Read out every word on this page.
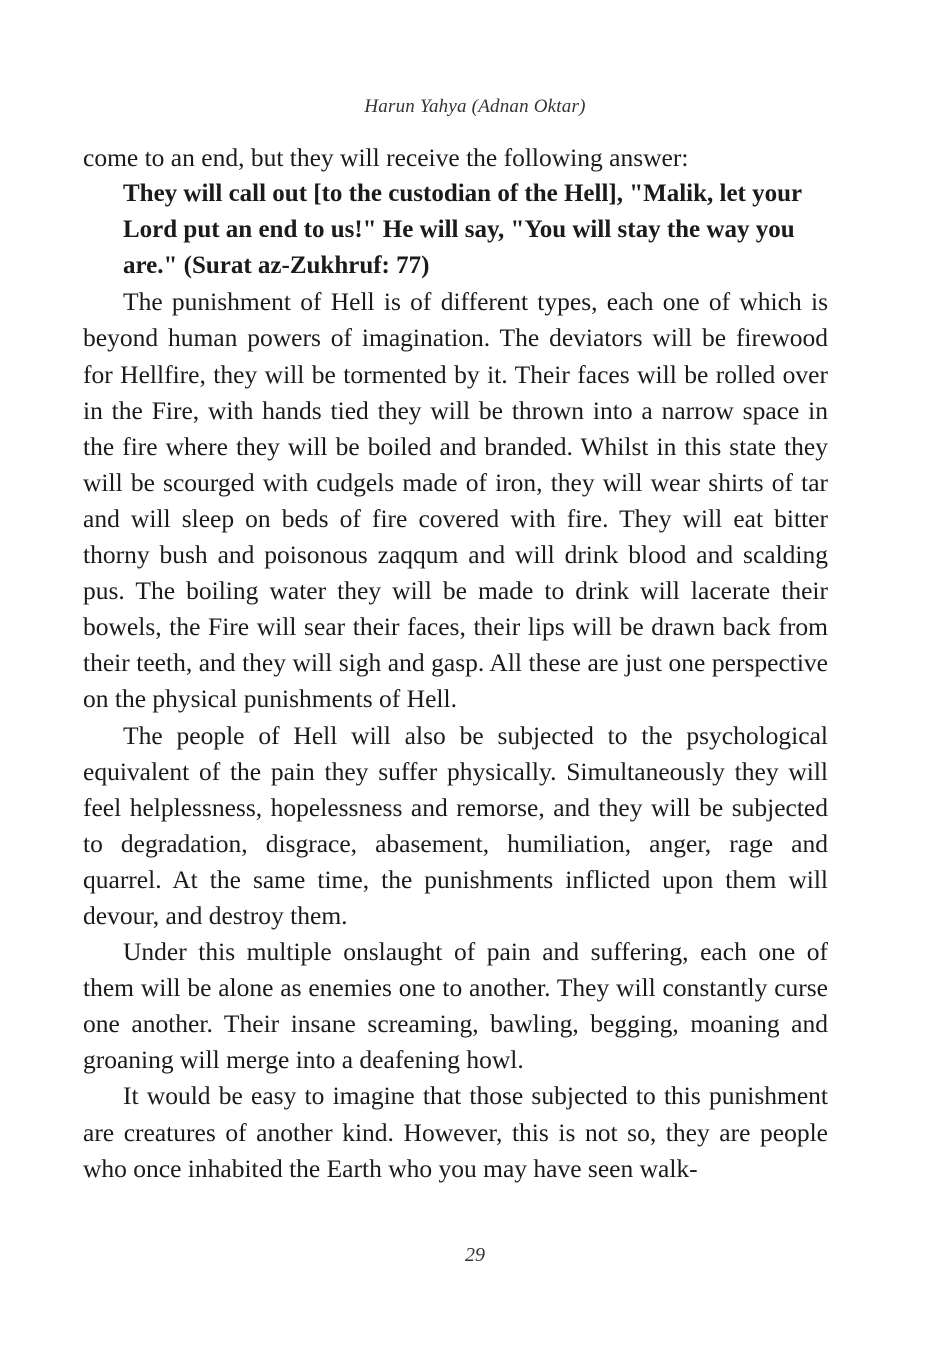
Harun Yahya (Adnan Oktar)

come to an end, but they will receive the following answer:

They will call out [to the custodian of the Hell], "Malik, let your Lord put an end to us!" He will say, "You will stay the way you are." (Surat az-Zukhruf: 77)

The punishment of Hell is of different types, each one of which is beyond human powers of imagination. The deviators will be firewood for Hellfire, they will be tormented by it. Their faces will be rolled over in the Fire, with hands tied they will be thrown into a narrow space in the fire where they will be boiled and branded. Whilst in this state they will be scourged with cudgels made of iron, they will wear shirts of tar and will sleep on beds of fire covered with fire. They will eat bitter thorny bush and poisonous zaqqum and will drink blood and scalding pus. The boiling water they will be made to drink will lacerate their bowels, the Fire will sear their faces, their lips will be drawn back from their teeth, and they will sigh and gasp. All these are just one perspective on the physical punishments of Hell.

The people of Hell will also be subjected to the psychological equivalent of the pain they suffer physically. Simultaneously they will feel helplessness, hopelessness and remorse, and they will be subjected to degradation, disgrace, abasement, humiliation, anger, rage and quarrel. At the same time, the punishments inflicted upon them will devour, and destroy them.

Under this multiple onslaught of pain and suffering, each one of them will be alone as enemies one to another. They will constantly curse one another. Their insane screaming, bawling, begging, moaning and groaning will merge into a deafening howl.

It would be easy to imagine that those subjected to this punishment are creatures of another kind. However, this is not so, they are people who once inhabited the Earth who you may have seen walk-

29
